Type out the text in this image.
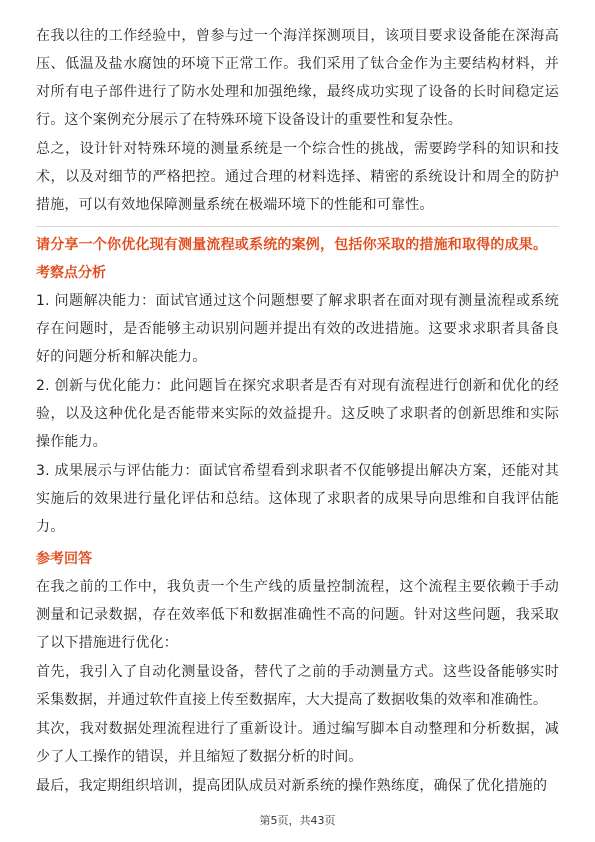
在我以往的工作经验中，曾参与过一个海洋探测项目，该项目要求设备能在深海高压、低温及盐水腐蚀的环境下正常工作。我们采用了钛合金作为主要结构材料，并对所有电子部件进行了防水处理和加强绝缘，最终成功实现了设备的长时间稳定运行。这个案例充分展示了在特殊环境下设备设计的重要性和复杂性。

总之，设计针对特殊环境的测量系统是一个综合性的挑战，需要跨学科的知识和技术，以及对细节的严格把控。通过合理的材料选择、精密的系统设计和周全的防护措施，可以有效地保障测量系统在极端环境下的性能和可靠性。

请分享一个你优化现有测量流程或系统的案例，包括你采取的措施和取得的成果。

考察点分析

1. 问题解决能力：面试官通过这个问题想要了解求职者在面对现有测量流程或系统存在问题时，是否能够主动识别问题并提出有效的改进措施。这要求求职者具备良好的问题分析和解决能力。

2. 创新与优化能力：此问题旨在探究求职者是否有对现有流程进行创新和优化的经验，以及这种优化是否能带来实际的效益提升。这反映了求职者的创新思维和实际操作能力。

3. 成果展示与评估能力：面试官希望看到求职者不仅能够提出解决方案，还能对其实施后的效果进行量化评估和总结。这体现了求职者的成果导向思维和自我评估能力。

参考回答

在我之前的工作中，我负责一个生产线的质量控制流程，这个流程主要依赖于手动测量和记录数据，存在效率低下和数据准确性不高的问题。针对这些问题，我采取了以下措施进行优化：

首先，我引入了自动化测量设备，替代了之前的手动测量方式。这些设备能够实时采集数据，并通过软件直接上传至数据库，大大提高了数据收集的效率和准确性。

其次，我对数据处理流程进行了重新设计。通过编写脚本自动整理和分析数据，减少了人工操作的错误，并且缩短了数据分析的时间。

最后，我定期组织培训，提高团队成员对新系统的操作熟练度，确保了优化措施的

第5页，共43页
